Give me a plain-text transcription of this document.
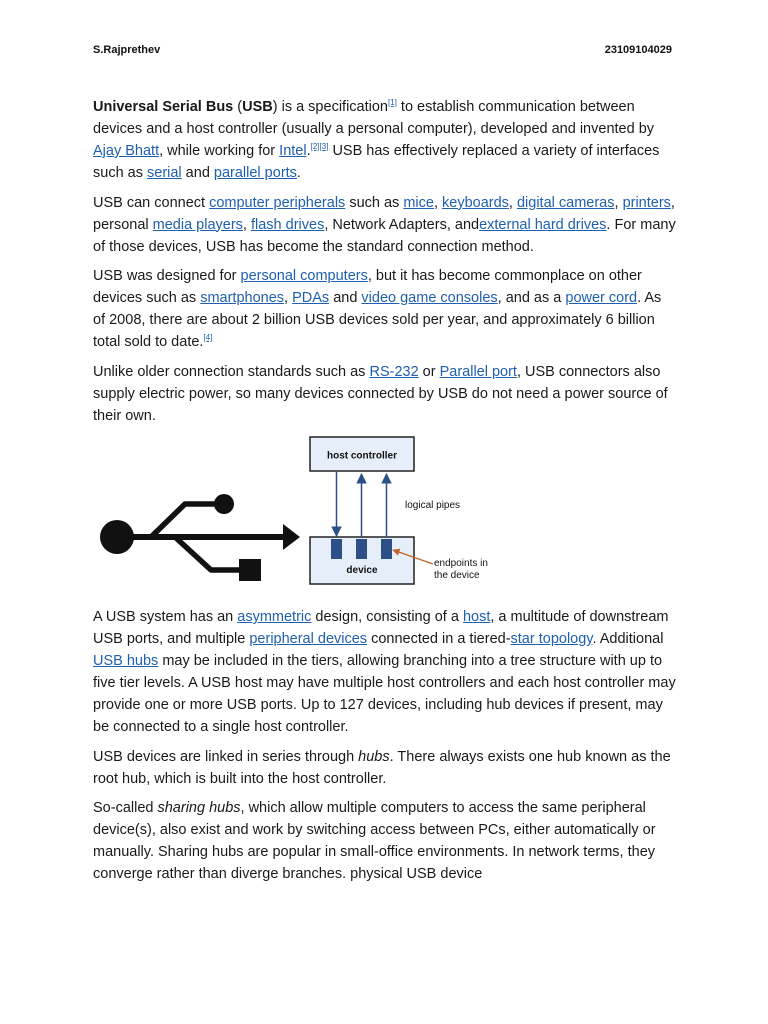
S.Rajprethev	23109104029

Universal Serial Bus (USB) is a specification[1] to establish communication between devices and a host controller (usually a personal computer), developed and invented by Ajay Bhatt, while working for Intel.[2][3] USB has effectively replaced a variety of interfaces such as serial and parallel ports.

USB can connect computer peripherals such as mice, keyboards, digital cameras, printers, personal media players, flash drives, Network Adapters, andexternal hard drives. For many of those devices, USB has become the standard connection method.

USB was designed for personal computers, but it has become commonplace on other devices such as smartphones, PDAs and video game consoles, and as a power cord. As of 2008, there are about 2 billion USB devices sold per year, and approximately 6 billion total sold to date.[4]

Unlike older connection standards such as RS-232 or Parallel port, USB connectors also supply electric power, so many devices connected by USB do not need a power source of their own.

host controller
device
logical pipes
endpoints in
the device

A USB system has an asymmetric design, consisting of a host, a multitude of downstream USB ports, and multiple peripheral devices connected in a tiered-star topology. Additional USB hubs may be included in the tiers, allowing branching into a tree structure with up to five tier levels. A USB host may have multiple host controllers and each host controller may provide one or more USB ports. Up to 127 devices, including hub devices if present, may be connected to a single host controller.

USB devices are linked in series through hubs. There always exists one hub known as the root hub, which is built into the host controller.

So-called sharing hubs, which allow multiple computers to access the same peripheral device(s), also exist and work by switching access between PCs, either automatically or manually. Sharing hubs are popular in small-office environments. In network terms, they converge rather than diverge branches. physical USB device
